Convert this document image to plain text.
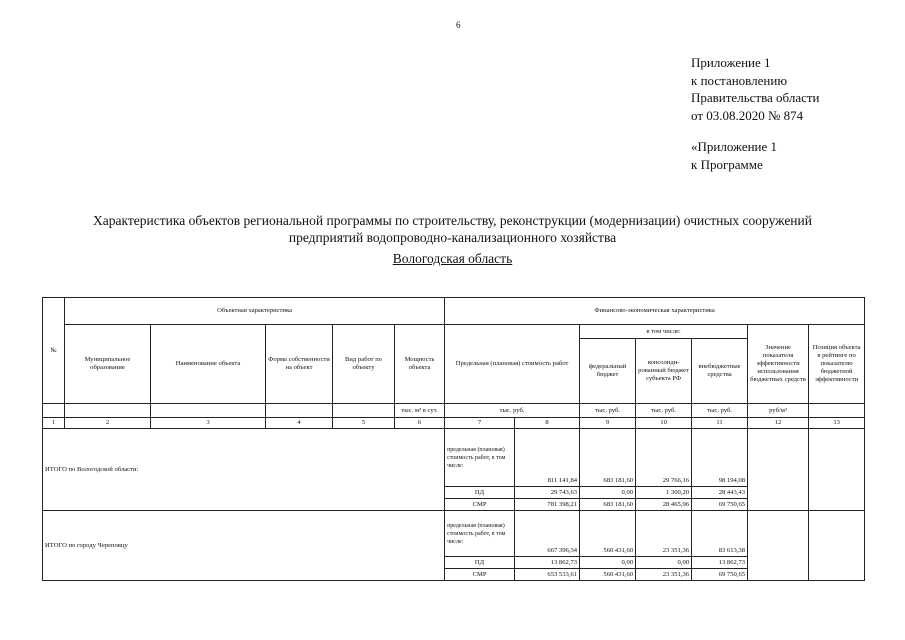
6
Приложение 1
к постановлению
Правительства области
от 03.08.2020 № 874
«Приложение 1
к Программе
Характеристика объектов региональной программы по строительству, реконструкции (модернизации) очистных сооружений
предприятий водопроводно-канализационного хозяйства
Вологодская область
№	Объектная характеристика					Финансово-экономическая характеристика						
	Муниципальное образование	Наименование объекта	Форма собственности на объект	Вид работ по объекту	Мощность объекта	Предельная (плановая) стоимость работ		в том числе:			Значение показателя эффективности использования бюджетных средств	Позиция объекта в рейтинге по показателю бюджетной эффективности
								федеральный бюджет	консолиди-рованный бюджет субъекта РФ	внебюджетные средства		
					тыс. м³ в сут.	тыс. руб.		тыс. руб.	тыс. руб.	тыс. руб.	руб/м³	
1	2	3	4	5	6	7	8	9	10	11	12	13
ИТОГО по Вологодской области:						предельная (плановая) стоимость работ, в том числе:	811 141,84	683 181,60	29 766,16	98 194,08		
						ПД	29 743,63	0,00	1 300,20	28 443,43		
						СМР	781 398,21	683 181,60	28 465,96	69 750,65		
ИТОГО по городу Череповцу						предельная (плановая) стоимость работ, в том числе:	667 396,34	560 431,60	23 351,36	83 613,38		
						ПД	13 862,73	0,00	0,00	13 862,73		
						СМР	653 533,61	560 431,60	23 351,36	69 750,65		
